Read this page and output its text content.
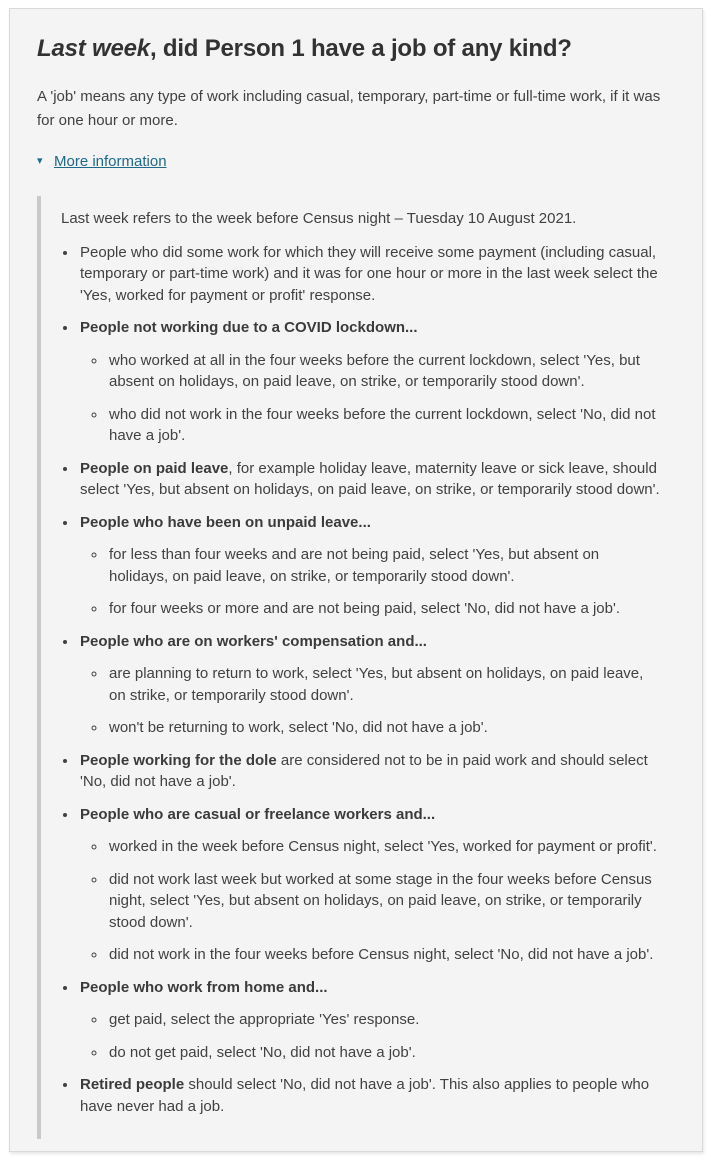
Last week, did Person 1 have a job of any kind?

A 'job' means any type of work including casual, temporary, part-time or full-time work, if it was for one hour or more.

▾ More information

Last week refers to the week before Census night – Tuesday 10 August 2021.

• People who did some work for which they will receive some payment (including casual, temporary or part-time work) and it was for one hour or more in the last week select the 'Yes, worked for payment or profit' response.
• People not working due to a COVID lockdown...
◦ who worked at all in the four weeks before the current lockdown, select 'Yes, but absent on holidays, on paid leave, on strike, or temporarily stood down'.
◦ who did not work in the four weeks before the current lockdown, select 'No, did not have a job'.
• People on paid leave, for example holiday leave, maternity leave or sick leave, should select 'Yes, but absent on holidays, on paid leave, on strike, or temporarily stood down'.
• People who have been on unpaid leave...
◦ for less than four weeks and are not being paid, select 'Yes, but absent on holidays, on paid leave, on strike, or temporarily stood down'.
◦ for four weeks or more and are not being paid, select 'No, did not have a job'.
• People who are on workers' compensation and...
◦ are planning to return to work, select 'Yes, but absent on holidays, on paid leave, on strike, or temporarily stood down'.
◦ won't be returning to work, select 'No, did not have a job'.
• People working for the dole are considered not to be in paid work and should select 'No, did not have a job'.
• People who are casual or freelance workers and...
◦ worked in the week before Census night, select 'Yes, worked for payment or profit'.
◦ did not work last week but worked at some stage in the four weeks before Census night, select 'Yes, but absent on holidays, on paid leave, on strike, or temporarily stood down'.
◦ did not work in the four weeks before Census night, select 'No, did not have a job'.
• People who work from home and...
◦ get paid, select the appropriate 'Yes' response.
◦ do not get paid, select 'No, did not have a job'.
• Retired people should select 'No, did not have a job'. This also applies to people who have never had a job.
